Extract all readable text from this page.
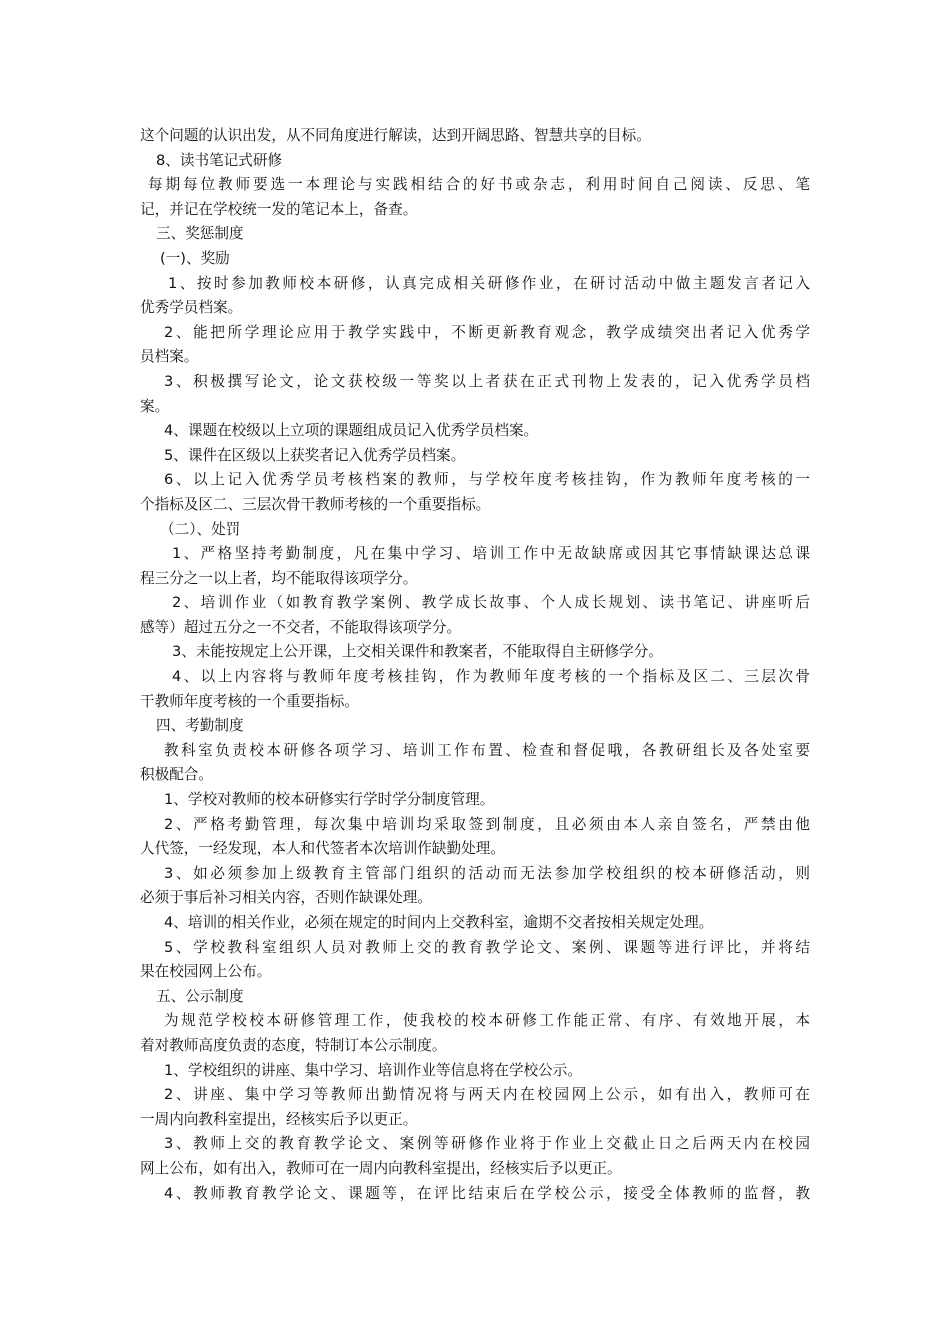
这个问题的认识出发，从不同角度进行解读，达到开阔思路、智慧共享的目标。
8、读书笔记式研修
每期每位教师要选一本理论与实践相结合的好书或杂志，利用时间自己阅读、反思、笔
记，并记在学校统一发的笔记本上，备查。
三、奖惩制度
(一)、奖励
1、按时参加教师校本研修，认真完成相关研修作业，在研讨活动中做主题发言者记入
优秀学员档案。
2、能把所学理论应用于教学实践中，不断更新教育观念，教学成绩突出者记入优秀学
员档案。
3、积极撰写论文，论文获校级一等奖以上者获在正式刊物上发表的，记入优秀学员档
案。
4、课题在校级以上立项的课题组成员记入优秀学员档案。
5、课件在区级以上获奖者记入优秀学员档案。
6、以上记入优秀学员考核档案的教师，与学校年度考核挂钩，作为教师年度考核的一
个指标及区二、三层次骨干教师考核的一个重要指标。
（二）、处罚
1、严格坚持考勤制度，凡在集中学习、培训工作中无故缺席或因其它事情缺课达总课
程三分之一以上者，均不能取得该项学分。
2、培训作业（如教育教学案例、教学成长故事、个人成长规划、读书笔记、讲座听后
感等）超过五分之一不交者，不能取得该项学分。
3、未能按规定上公开课，上交相关课件和教案者，不能取得自主研修学分。
4、以上内容将与教师年度考核挂钩，作为教师年度考核的一个指标及区二、三层次骨
干教师年度考核的一个重要指标。
四、考勤制度
教科室负责校本研修各项学习、培训工作布置、检查和督促哦，各教研组长及各处室要
积极配合。
1、学校对教师的校本研修实行学时学分制度管理。
2、严格考勤管理，每次集中培训均采取签到制度，且必须由本人亲自签名，严禁由他
人代签，一经发现，本人和代签者本次培训作缺勤处理。
3、如必须参加上级教育主管部门组织的活动而无法参加学校组织的校本研修活动，则
必须于事后补习相关内容，否则作缺课处理。
4、培训的相关作业，必须在规定的时间内上交教科室，逾期不交者按相关规定处理。
5、学校教科室组织人员对教师上交的教育教学论文、案例、课题等进行评比，并将结
果在校园网上公布。
五、公示制度
为规范学校校本研修管理工作，使我校的校本研修工作能正常、有序、有效地开展，本
着对教师高度负责的态度，特制订本公示制度。
1、学校组织的讲座、集中学习、培训作业等信息将在学校公示。
2、讲座、集中学习等教师出勤情况将与两天内在校园网上公示，如有出入，教师可在
一周内向教科室提出，经核实后予以更正。
3、教师上交的教育教学论文、案例等研修作业将于作业上交截止日之后两天内在校园
网上公布，如有出入，教师可在一周内向教科室提出，经核实后予以更正。
4、教师教育教学论文、课题等，在评比结束后在学校公示，接受全体教师的监督，教
